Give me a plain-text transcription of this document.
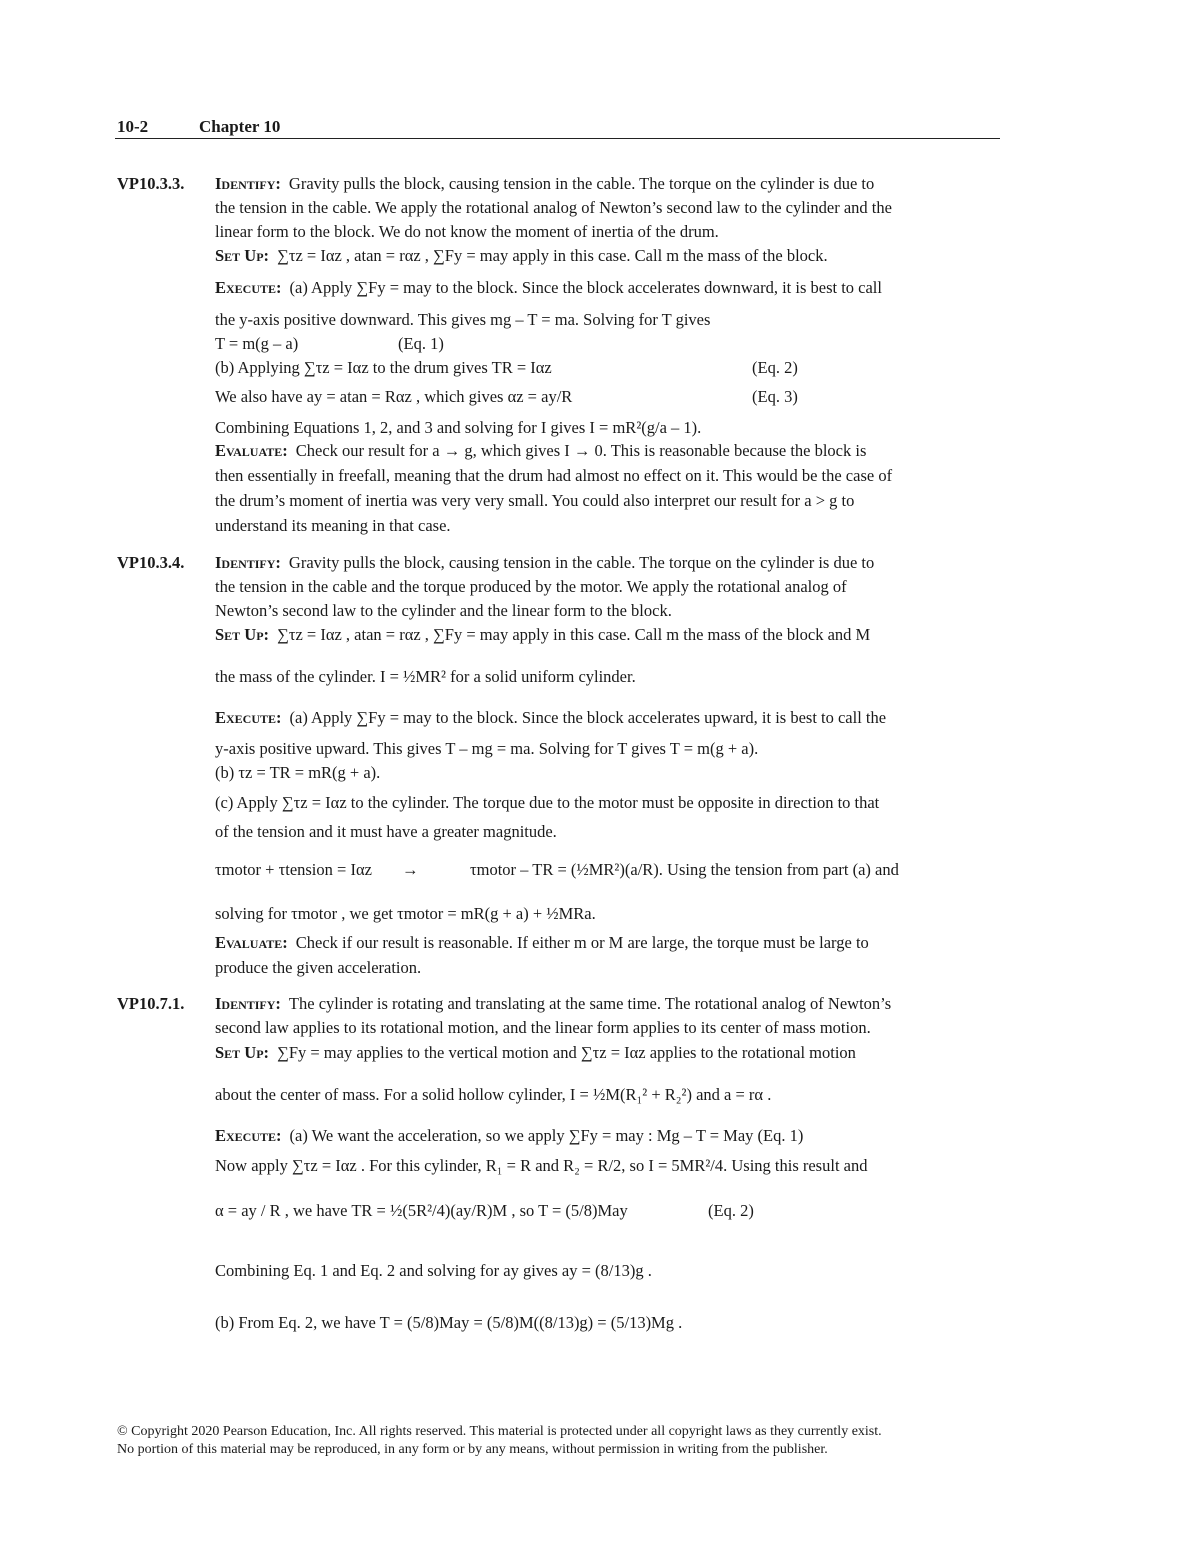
10-2	Chapter 10
VP10.3.3. Identify: Gravity pulls the block, causing tension in the cable. The torque on the cylinder is due to
the tension in the cable. We apply the rotational analog of Newton’s second law to the cylinder and the
linear form to the block. We do not know the moment of inertia of the drum.
Set Up: ∑τz = Iαz , atan = rαz , ∑Fy = may apply in this case. Call m the mass of the block.
Execute: (a) Apply ∑Fy = may to the block. Since the block accelerates downward, it is best to call
the y-axis positive downward. This gives mg – T = ma. Solving for T gives
T = m(g – a)	(Eq. 1)
(b) Applying ∑τz = Iαz to the drum gives TR = Iαz	(Eq. 2)
We also have ay = atan = Rαz , which gives αz = ay/R	(Eq. 3)
Combining Equations 1, 2, and 3 and solving for I gives I = mR²(g/a – 1).
Evaluate: Check our result for a → g, which gives I → 0. This is reasonable because the block is
then essentially in freefall, meaning that the drum had almost no effect on it. This would be the case of
the drum’s moment of inertia was very very small. You could also interpret our result for a > g to
understand its meaning in that case.
VP10.3.4. Identify: Gravity pulls the block, causing tension in the cable. The torque on the cylinder is due to
the tension in the cable and the torque produced by the motor. We apply the rotational analog of
Newton’s second law to the cylinder and the linear form to the block.
Set Up: ∑τz = Iαz , atan = rαz , ∑Fy = may apply in this case. Call m the mass of the block and M
the mass of the cylinder. I = ½MR² for a solid uniform cylinder.
Execute: (a) Apply ∑Fy = may to the block. Since the block accelerates upward, it is best to call the
y-axis positive upward. This gives T – mg = ma. Solving for T gives T = m(g + a).
(b) τz = TR = mR(g + a).
(c) Apply ∑τz = Iαz to the cylinder. The torque due to the motor must be opposite in direction to that
of the tension and it must have a greater magnitude.
τmotor + τtension = Iαz →	τmotor – TR = (½MR²)(a/R). Using the tension from part (a) and
solving for τmotor , we get τmotor = mR(g + a) + ½MRa.
Evaluate: Check if our result is reasonable. If either m or M are large, the torque must be large to
produce the given acceleration.
VP10.7.1. Identify: The cylinder is rotating and translating at the same time. The rotational analog of Newton’s
second law applies to its rotational motion, and the linear form applies to its center of mass motion.
Set Up: ∑Fy = may applies to the vertical motion and ∑τz = Iαz applies to the rotational motion
about the center of mass. For a solid hollow cylinder, I = ½M(R₁² + R₂²) and a = rα .
Execute: (a) We want the acceleration, so we apply ∑Fy = may : Mg – T = May (Eq. 1)
Now apply ∑τz = Iαz . For this cylinder, R₁ = R and R₂ = R/2, so I = 5MR²/4. Using this result and
α = ay / R , we have TR = ½(5R²/4)(ay/R)M , so T = (5/8)May	(Eq. 2)
Combining Eq. 1 and Eq. 2 and solving for ay gives ay = (8/13)g .
(b) From Eq. 2, we have T = (5/8)May = (5/8)M((8/13)g) = (5/13)Mg .
© Copyright 2020 Pearson Education, Inc. All rights reserved. This material is protected under all copyright laws as they currently exist.
No portion of this material may be reproduced, in any form or by any means, without permission in writing from the publisher.
